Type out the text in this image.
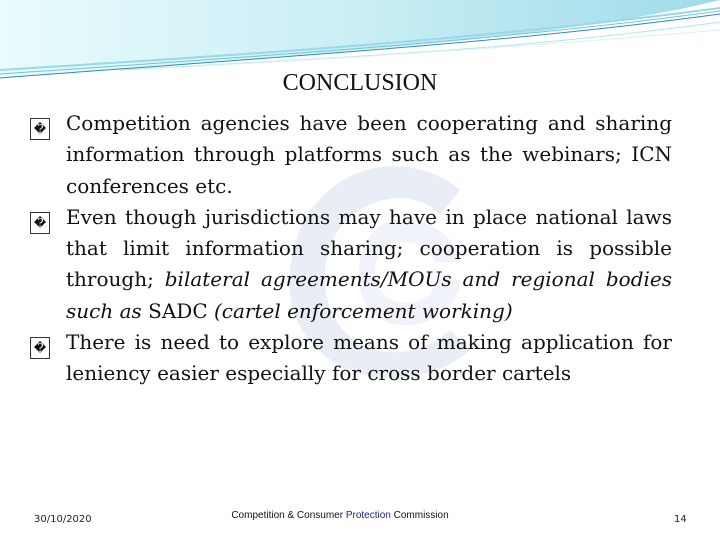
CONCLUSION
� Competition agencies have been cooperating and sharing information through platforms such as the webinars; ICN conferences etc.
� Even though jurisdictions may have in place national laws that limit information sharing; cooperation is possible through; bilateral agreements/MOUs and regional bodies such as SADC (cartel enforcement working)
� There is need to explore means of making application for leniency easier especially for cross border cartels
30/10/2020	Competition & Consumer Protection Commission	14
